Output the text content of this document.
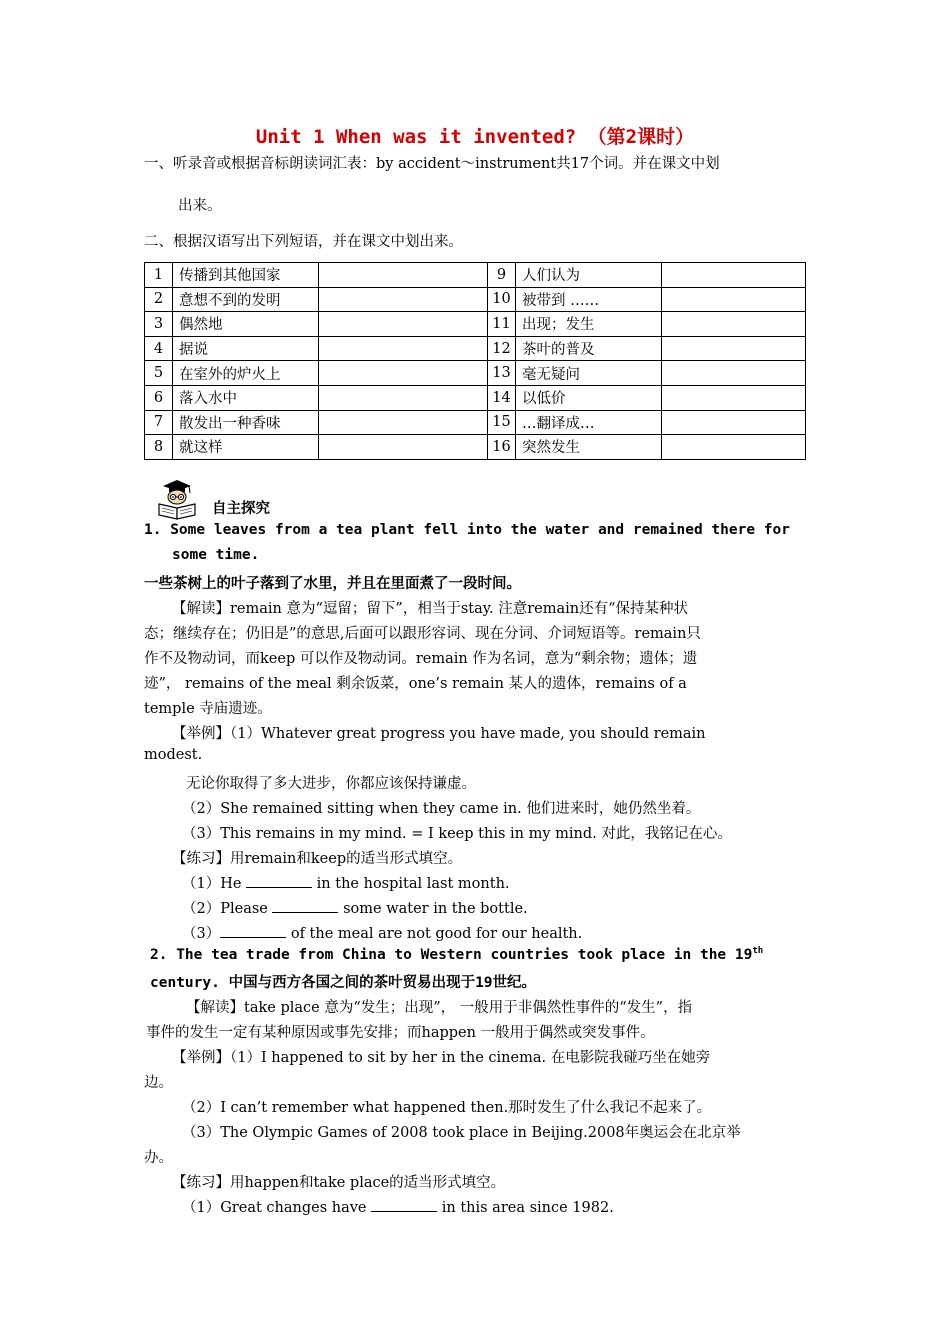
Unit 1 When was it invented? （第2课时）
一、听录音或根据音标朗读词汇表：by accident～instrument共17个词。并在课文中划
出来。
二、根据汉语写出下列短语，并在课文中划出来。
1	传播到其他国家		9	人们认为	
2	意想不到的发明		10	被带到 ……	
3	偶然地		11	出现；发生	
4	据说		12	茶叶的普及	
5	在室外的炉火上		13	毫无疑问	
6	落入水中		14	以低价	
7	散发出一种香味		15	…翻译成…	
8	就这样		16	突然发生	
自主探究
1. Some leaves from a tea plant fell into the water and remained there for
some time.
一些茶树上的叶子落到了水里，并且在里面煮了一段时间。
【解读】remain 意为“逗留；留下”，相当于stay. 注意remain还有“保持某种状
态；继续存在；仍旧是”的意思,后面可以跟形容词、现在分词、介词短语等。remain只
作不及物动词，而keep 可以作及物动词。remain 作为名词，意为“剩余物；遗体；遗
迹”， remains of the meal 剩余饭菜，one’s remain 某人的遗体，remains of a
temple 寺庙遗迹。
【举例】（1）Whatever great progress you have made, you should remain
modest.
无论你取得了多大进步，你都应该保持谦虚。
（2）She remained sitting when they came in. 他们进来时，她仍然坐着。
（3）This remains in my mind. = I keep this in my mind. 对此，我铭记在心。
【练习】用remain和keep的适当形式填空。
（1）He	in the hospital last month.
（2）Please	some water in the bottle.
（3）	of the meal are not good for our health.
2. The tea trade from China to Western countries took place in the 19th
century. 中国与西方各国之间的茶叶贸易出现于19世纪。
【解读】take place 意为“发生；出现”， 一般用于非偶然性事件的“发生”，指
事件的发生一定有某种原因或事先安排；而happen 一般用于偶然或突发事件。
【举例】（1）I happened to sit by her in the cinema. 在电影院我碰巧坐在她旁
边。
（2）I can’t remember what happened then.那时发生了什么我记不起来了。
（3）The Olympic Games of 2008 took place in Beijing.2008年奥运会在北京举
办。
【练习】用happen和take place的适当形式填空。
（1）Great changes have	in this area since 1982.
